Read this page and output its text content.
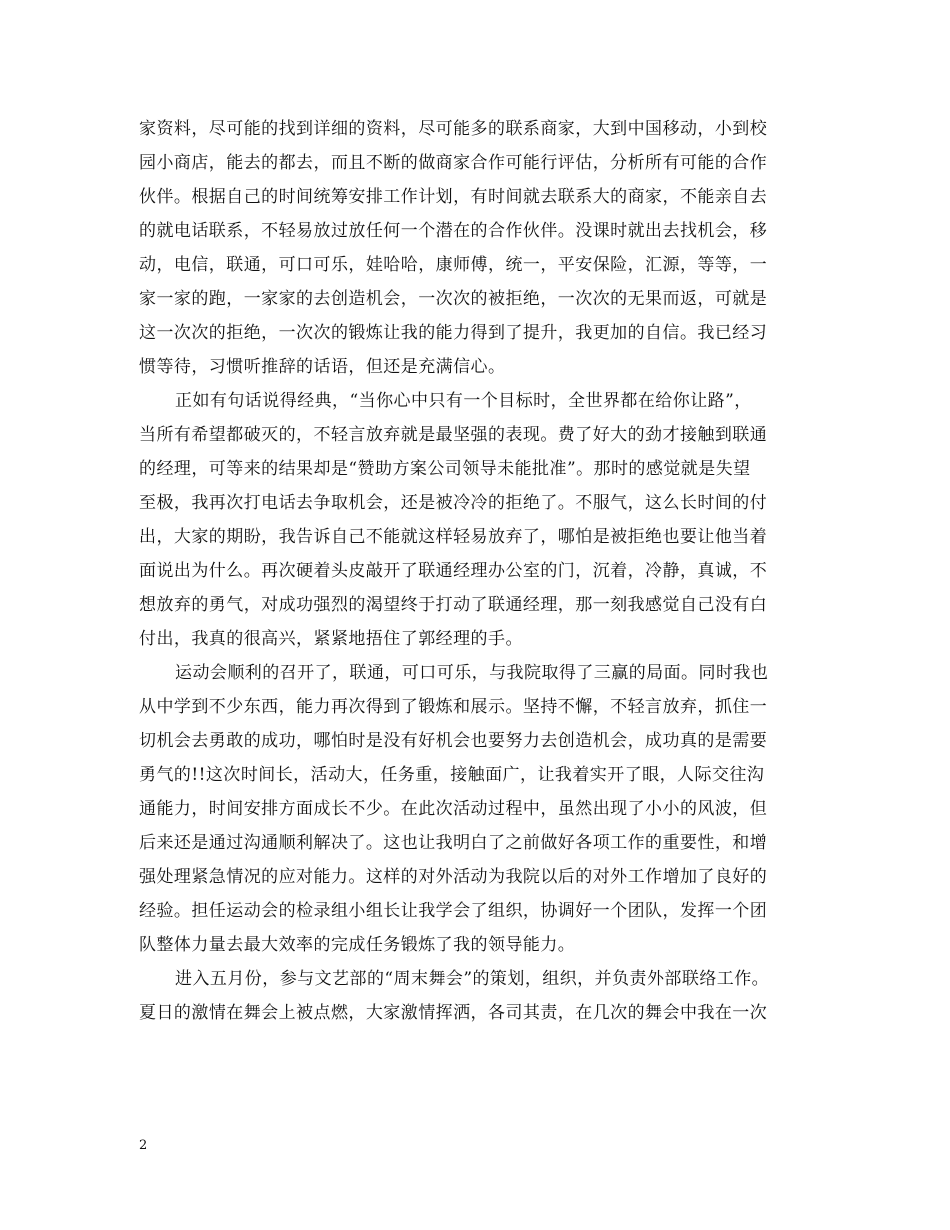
家资料，尽可能的找到详细的资料，尽可能多的联系商家，大到中国移动，小到校
园小商店，能去的都去，而且不断的做商家合作可能行评估，分析所有可能的合作
伙伴。根据自己的时间统筹安排工作计划，有时间就去联系大的商家，不能亲自去
的就电话联系，不轻易放过放任何一个潜在的合作伙伴。没课时就出去找机会，移
动，电信，联通，可口可乐，娃哈哈，康师傅，统一，平安保险，汇源，等等，一
家一家的跑，一家家的去创造机会，一次次的被拒绝，一次次的无果而返，可就是
这一次次的拒绝，一次次的锻炼让我的能力得到了提升，我更加的自信。我已经习
惯等待，习惯听推辞的话语，但还是充满信心。
正如有句话说得经典，“当你心中只有一个目标时，全世界都在给你让路”，
当所有希望都破灭的，不轻言放弃就是最坚强的表现。费了好大的劲才接触到联通
的经理，可等来的结果却是“赞助方案公司领导未能批准”。那时的感觉就是失望
至极，我再次打电话去争取机会，还是被冷冷的拒绝了。不服气，这么长时间的付
出，大家的期盼，我告诉自己不能就这样轻易放弃了，哪怕是被拒绝也要让他当着
面说出为什么。再次硬着头皮敲开了联通经理办公室的门，沉着，冷静，真诚，不
想放弃的勇气，对成功强烈的渴望终于打动了联通经理，那一刻我感觉自己没有白
付出，我真的很高兴，紧紧地捂住了郭经理的手。
运动会顺利的召开了，联通，可口可乐，与我院取得了三赢的局面。同时我也
从中学到不少东西，能力再次得到了锻炼和展示。坚持不懈，不轻言放弃，抓住一
切机会去勇敢的成功，哪怕时是没有好机会也要努力去创造机会，成功真的是需要
勇气的!!这次时间长，活动大，任务重，接触面广，让我着实开了眼，人际交往沟
通能力，时间安排方面成长不少。在此次活动过程中，虽然出现了小小的风波，但
后来还是通过沟通顺利解决了。这也让我明白了之前做好各项工作的重要性，和增
强处理紧急情况的应对能力。这样的对外活动为我院以后的对外工作增加了良好的
经验。担任运动会的检录组小组长让我学会了组织，协调好一个团队，发挥一个团
队整体力量去最大效率的完成任务锻炼了我的领导能力。
进入五月份，参与文艺部的“周末舞会”的策划，组织，并负责外部联络工作。
夏日的激情在舞会上被点燃，大家激情挥洒，各司其责，在几次的舞会中我在一次
2
